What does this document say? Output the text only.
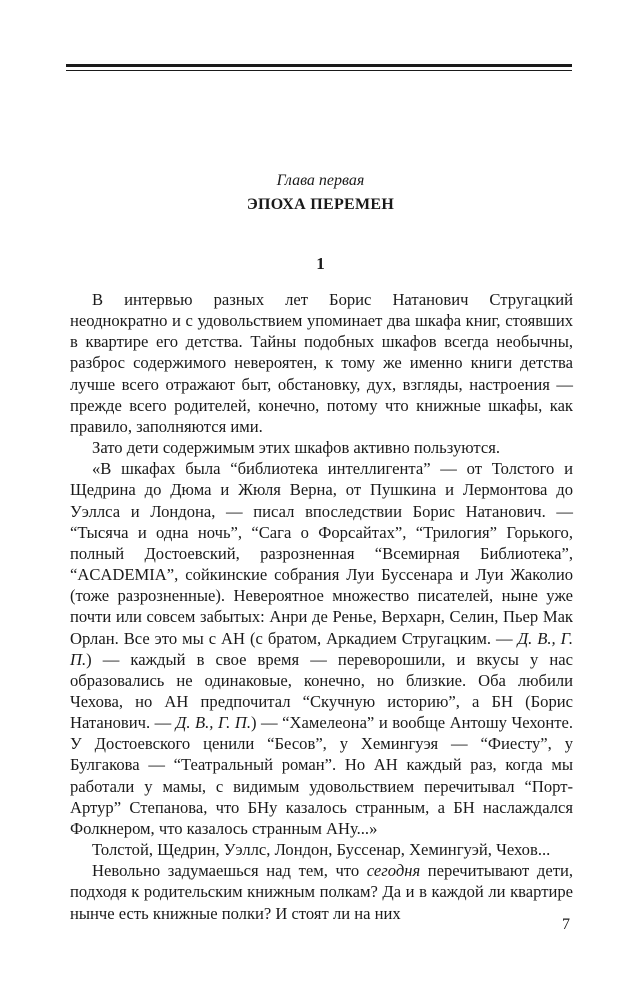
Глава первая
ЭПОХА ПЕРЕМЕН
1

В интервью разных лет Борис Натанович Стругацкий неоднократно и с удовольствием упоминает два шкафа книг, стоявших в квартире его детства. Тайны подобных шкафов всегда необычны, разброс содержимого невероятен, к тому же именно книги детства лучше всего отражают быт, обстановку, дух, взгляды, настроения — прежде всего родителей, конечно, потому что книжные шкафы, как правило, заполняются ими.

Зато дети содержимым этих шкафов активно пользуются.

«В шкафах была “библиотека интеллигента” — от Толстого и Щедрина до Дюма и Жюля Верна, от Пушкина и Лермонтова до Уэллса и Лондона, — писал впоследствии Борис Натанович. — “Тысяча и одна ночь”, “Сага о Форсайтах”, “Трилогия” Горького, полный Достоевский, разрозненная “Всемирная Библиотека”, “ACADEMIA”, сойкинские собрания Луи Буссенара и Луи Жаколио (тоже разрозненные). Невероятное множество писателей, ныне уже почти или совсем забытых: Анри де Ренье, Верхарн, Селин, Пьер Мак Орлан. Все это мы с АН (с братом, Аркадием Стругацким. — Д. В., Г. П.) — каждый в свое время — переворошили, и вкусы у нас образовались не одинаковые, конечно, но близкие. Оба любили Чехова, но АН предпочитал “Скучную историю”, а БН (Борис Натанович. — Д. В., Г. П.) — “Хамелеона” и вообще Антошу Чехонте. У Достоевского ценили “Бесов”, у Хемингуэя — “Фиесту”, у Булгакова — “Театральный роман”. Но АН каждый раз, когда мы работали у мамы, с видимым удовольствием перечитывал “Порт-Артур” Степанова, что БНу казалось странным, а БН наслаждался Фолкнером, что казалось странным АНу...»

Толстой, Щедрин, Уэллс, Лондон, Буссенар, Хемингуэй, Чехов...

Невольно задумаешься над тем, что сегодня перечитывают дети, подходя к родительским книжным полкам? Да и в каждой ли квартире нынче есть книжные полки? И стоят ли на них

7
